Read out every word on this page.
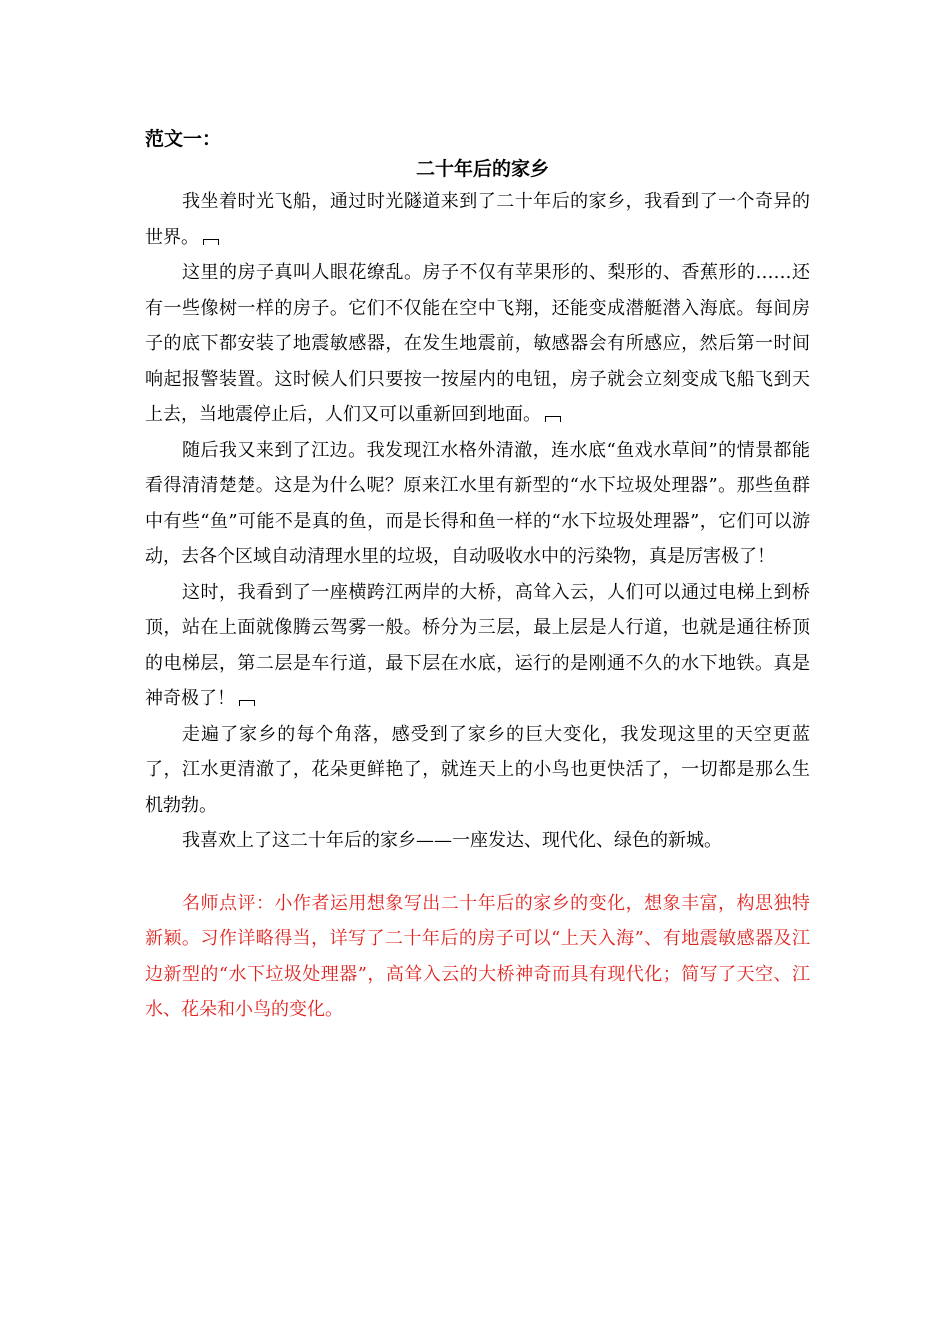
范文一：
二十年后的家乡

我坐着时光飞船，通过时光隧道来到了二十年后的家乡，我看到了一个奇异的世界。

这里的房子真叫人眼花缭乱。房子不仅有苹果形的、梨形的、香蕉形的……还有一些像树一样的房子。它们不仅能在空中飞翔，还能变成潜艇潜入海底。每间房子的底下都安装了地震敏感器，在发生地震前，敏感器会有所感应，然后第一时间响起报警装置。这时候人们只要按一按屋内的电钮，房子就会立刻变成飞船飞到天上去，当地震停止后，人们又可以重新回到地面。

随后我又来到了江边。我发现江水格外清澈，连水底“鱼戏水草间”的情景都能看得清清楚楚。这是为什么呢？原来江水里有新型的“水下垃圾处理器”。那些鱼群中有些“鱼”可能不是真的鱼，而是长得和鱼一样的“水下垃圾处理器”，它们可以游动，去各个区域自动清理水里的垃圾，自动吸收水中的污染物，真是厉害极了！

这时，我看到了一座横跨江两岸的大桥，高耸入云，人们可以通过电梯上到桥顶，站在上面就像腾云驾雾一般。桥分为三层，最上层是人行道，也就是通往桥顶的电梯层，第二层是车行道，最下层在水底，运行的是刚通不久的水下地铁。真是神奇极了！

走遍了家乡的每个角落，感受到了家乡的巨大变化，我发现这里的天空更蓝了，江水更清澈了，花朵更鲜艳了，就连天上的小鸟也更快活了，一切都是那么生机勃勃。

我喜欢上了这二十年后的家乡——一座发达、现代化、绿色的新城。

名师点评：小作者运用想象写出二十年后的家乡的变化，想象丰富，构思独特新颖。习作详略得当，详写了二十年后的房子可以“上天入海”、有地震敏感器及江边新型的“水下垃圾处理器”，高耸入云的大桥神奇而具有现代化；简写了天空、江水、花朵和小鸟的变化。
